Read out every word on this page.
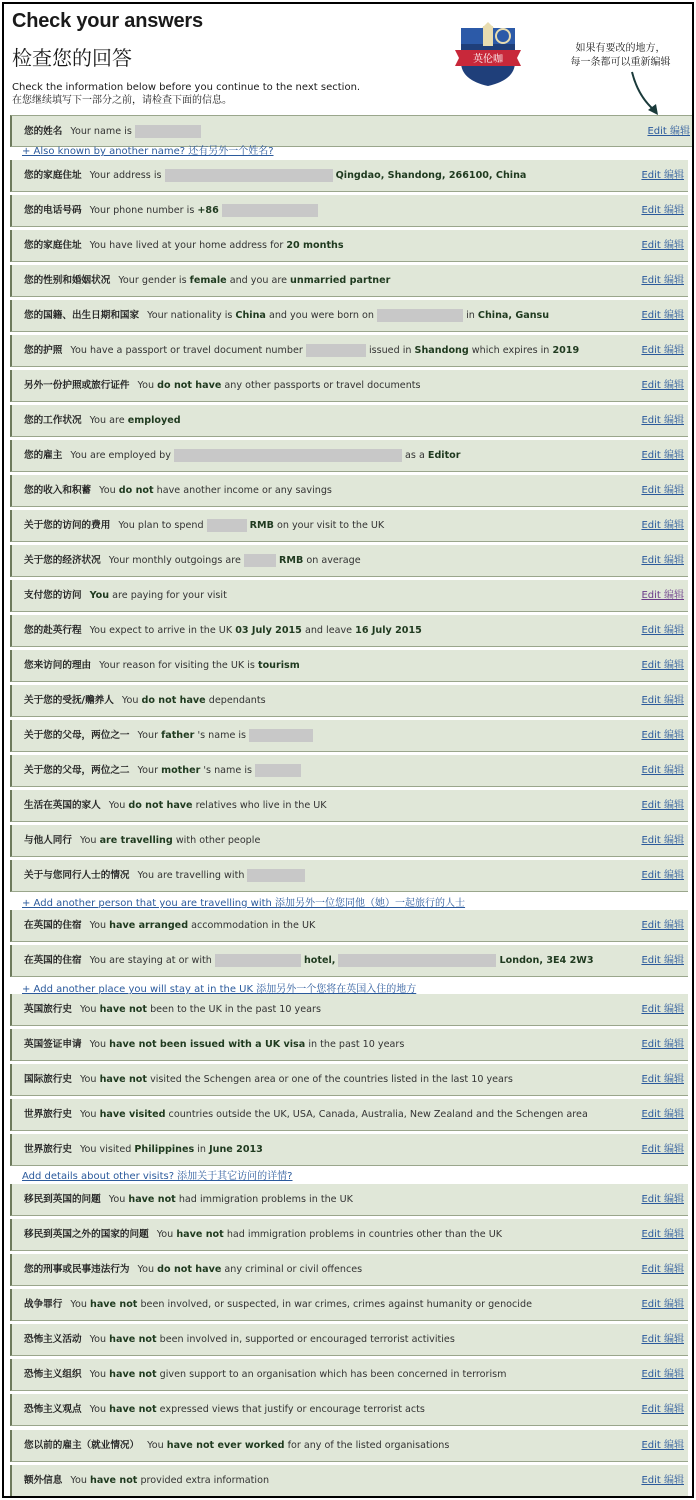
Check your answers
检查您的回答
Check the information below before you continue to the next section.
在您继续填写下一部分之前，请检查下面的信息。
英伦咖
如果有要改的地方，
每一条都可以重新编辑
您的姓名 Your name is	Edit 编辑
您的家庭住址 Your address is	Qingdao, Shandong, 266100, China	Edit 编辑
您的电话号码 Your phone number is +86	Edit 编辑
您的家庭住址 You have lived at your home address for 20 months	Edit 编辑
您的性别和婚姻状况 Your gender is female and you are unmarried partner	Edit 编辑
您的国籍、出生日期和国家 Your nationality is China and you were born on	in China, Gansu	Edit 编辑
您的护照 You have a passport or travel document number	issued in Shandong which expires in 2019	Edit 编辑
另外一份护照或旅行证件 You do not have any other passports or travel documents	Edit 编辑
您的工作状况 You are employed	Edit 编辑
您的雇主 You are employed by	as a Editor	Edit 编辑
您的收入和积蓄 You do not have another income or any savings	Edit 编辑
关于您的访问的费用 You plan to spend	RMB on your visit to the UK	Edit 编辑
关于您的经济状况 Your monthly outgoings are	RMB on average	Edit 编辑
支付您的访问 You are paying for your visit	Edit 编辑
您的赴英行程 You expect to arrive in the UK 03 July 2015 and leave 16 July 2015	Edit 编辑
您来访问的理由 Your reason for visiting the UK is tourism	Edit 编辑
关于您的受抚/赡养人 You do not have dependants	Edit 编辑
关于您的父母，两位之一 Your father 's name is	Edit 编辑
关于您的父母，两位之二 Your mother 's name is	Edit 编辑
生活在英国的家人 You do not have relatives who live in the UK	Edit 编辑
与他人同行 You are travelling with other people	Edit 编辑
关于与您同行人士的情况 You are travelling with	Edit 编辑
在英国的住宿 You have arranged accommodation in the UK	Edit 编辑
在英国的住宿 You are staying at or with	hotel,	London, 3E4 2W3	Edit 编辑
英国旅行史 You have not been to the UK in the past 10 years	Edit 编辑
英国签证申请 You have not been issued with a UK visa in the past 10 years	Edit 编辑
国际旅行史 You have not visited the Schengen area or one of the countries listed in the last 10 years	Edit 编辑
世界旅行史 You have visited countries outside the UK, USA, Canada, Australia, New Zealand and the Schengen area	Edit 编辑
世界旅行史 You visited Philippines in June 2013	Edit 编辑
移民到英国的问题 You have not had immigration problems in the UK	Edit 编辑
移民到英国之外的国家的问题 You have not had immigration problems in countries other than the UK	Edit 编辑
您的刑事或民事违法行为 You do not have any criminal or civil offences	Edit 编辑
战争罪行 You have not been involved, or suspected, in war crimes, crimes against humanity or genocide	Edit 编辑
恐怖主义活动 You have not been involved in, supported or encouraged terrorist activities	Edit 编辑
恐怖主义组织 You have not given support to an organisation which has been concerned in terrorism	Edit 编辑
恐怖主义观点 You have not expressed views that justify or encourage terrorist acts	Edit 编辑
您以前的雇主（就业情况） You have not ever worked for any of the listed organisations	Edit 编辑
额外信息 You have not provided extra information	Edit 编辑
+ Also known by another name? 还有另外一个姓名?
+ Add another person that you are travelling with 添加另外一位您同他（她）一起旅行的人士
+ Add another place you will stay at in the UK 添加另外一个您将在英国入住的地方
Add details about other visits? 添加关于其它访问的详情?
